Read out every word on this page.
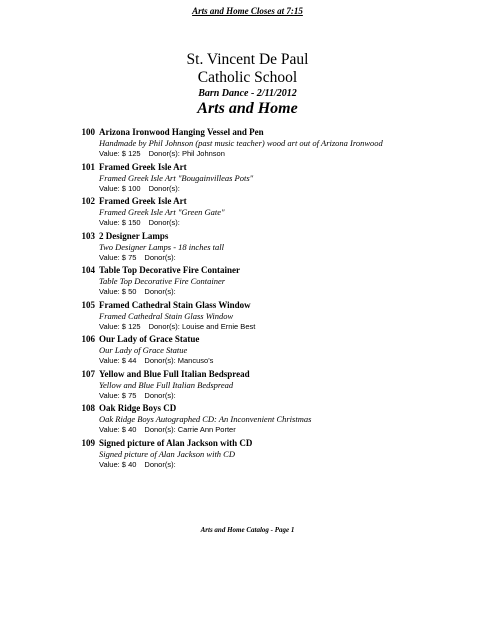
Arts and Home Closes at 7:15
St. Vincent De Paul
Catholic School
Barn Dance - 2/11/2012
Arts and Home
100 Arizona Ironwood Hanging Vessel and Pen
Handmade by Phil Johnson (past music teacher) wood art out of Arizona Ironwood
Value: $ 125 Donor(s): Phil Johnson
101 Framed Greek Isle Art
Framed Greek Isle Art "Bougainvilleas Pots"
Value: $ 100 Donor(s):
102 Framed Greek Isle Art
Framed Greek Isle Art "Green Gate"
Value: $ 150 Donor(s):
103 2 Designer Lamps
Two Designer Lamps - 18 inches tall
Value: $ 75 Donor(s):
104 Table Top Decorative Fire Container
Table Top Decorative Fire Container
Value: $ 50 Donor(s):
105 Framed Cathedral Stain Glass Window
Framed Cathedral Stain Glass Window
Value: $ 125 Donor(s): Louise and Ernie Best
106 Our Lady of Grace Statue
Our Lady of Grace Statue
Value: $ 44 Donor(s): Mancuso's
107 Yellow and Blue Full Italian Bedspread
Yellow and Blue Full Italian Bedspread
Value: $ 75 Donor(s):
108 Oak Ridge Boys CD
Oak Ridge Boys Autographed CD: An Inconvenient Christmas
Value: $ 40 Donor(s): Carrie Ann Porter
109 Signed picture of Alan Jackson with CD
Signed picture of Alan Jackson with CD
Value: $ 40 Donor(s):
Arts and Home Catalog - Page 1
